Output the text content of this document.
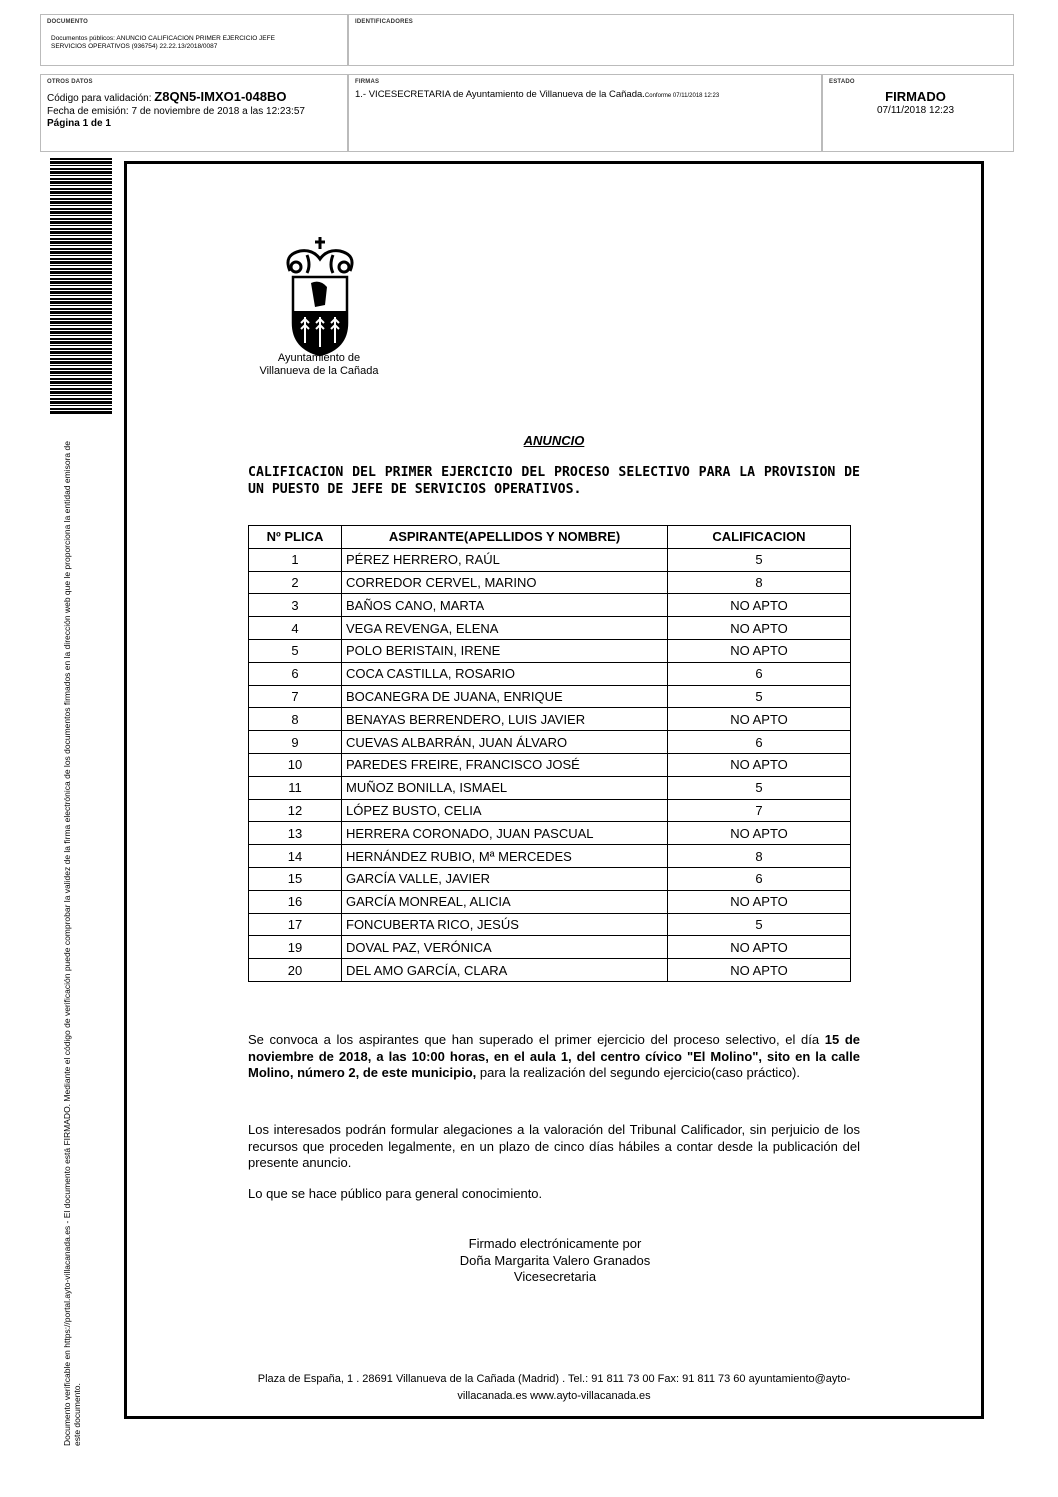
DOCUMENTO
Documentos públicos: ANUNCIO CALIFICACION PRIMER EJERCICIO JEFE
SERVICIOS OPERATIVOS (936754) 22.22.13/2018/0087
IDENTIFICADORES
OTROS DATOS
Código para validación: Z8QN5-IMXO1-048BO
Fecha de emisión: 7 de noviembre de 2018 a las 12:23:57
Página 1 de 1
FIRMAS
1.- VICESECRETARIA de Ayuntamiento de Villanueva de la Cañada.Conforme 07/11/2018 12:23
ESTADO
FIRMADO
07/11/2018 12:23
Documento verificable en https://portal.ayto-villacanada.es - El documento está FIRMADO. Mediante el código de verificación puede comprobar la validez de la firma electrónica de los documentos firmados en la dirección web que le proporciona la entidad emisora de este documento.
Ayuntamiento de
Villanueva de la Cañada
ANUNCIO
CALIFICACION DEL PRIMER EJERCICIO DEL PROCESO SELECTIVO PARA LA PROVISION DE UN PUESTO DE JEFE DE SERVICIOS OPERATIVOS.
Nº PLICA	ASPIRANTE(APELLIDOS Y NOMBRE)	CALIFICACION
1	PÉREZ HERRERO, RAÚL	5
2	CORREDOR CERVEL, MARINO	8
3	BAÑOS CANO, MARTA	NO APTO
4	VEGA REVENGA, ELENA	NO APTO
5	POLO BERISTAIN, IRENE	NO APTO
6	COCA CASTILLA, ROSARIO	6
7	BOCANEGRA DE JUANA, ENRIQUE	5
8	BENAYAS BERRENDERO, LUIS JAVIER	NO APTO
9	CUEVAS ALBARRÁN, JUAN ÁLVARO	6
10	PAREDES FREIRE, FRANCISCO JOSÉ	NO APTO
11	MUÑOZ BONILLA, ISMAEL	5
12	LÓPEZ BUSTO, CELIA	7
13	HERRERA CORONADO, JUAN PASCUAL	NO APTO
14	HERNÁNDEZ RUBIO, Mª MERCEDES	8
15	GARCÍA VALLE, JAVIER	6
16	GARCÍA MONREAL, ALICIA	NO APTO
17	FONCUBERTA RICO, JESÚS	5
19	DOVAL PAZ, VERÓNICA	NO APTO
20	DEL AMO GARCÍA, CLARA	NO APTO
Se convoca a los aspirantes que han superado el primer ejercicio del proceso selectivo, el día 15 de noviembre de 2018, a las 10:00 horas, en el aula 1, del centro cívico "El Molino", sito en la calle Molino, número 2, de este municipio, para la realización del segundo ejercicio(caso práctico).
Los interesados podrán formular alegaciones a la valoración del Tribunal Calificador, sin perjuicio de los recursos que proceden legalmente, en un plazo de cinco días hábiles a contar desde la publicación del presente anuncio.
Lo que se hace público para general conocimiento.
Firmado electrónicamente por
Doña Margarita Valero Granados
Vicesecretaria
Plaza de España, 1 . 28691 Villanueva de la Cañada (Madrid) . Tel.: 91 811 73 00 Fax: 91 811 73 60 ayuntamiento@ayto-
villacanada.es www.ayto-villacanada.es
